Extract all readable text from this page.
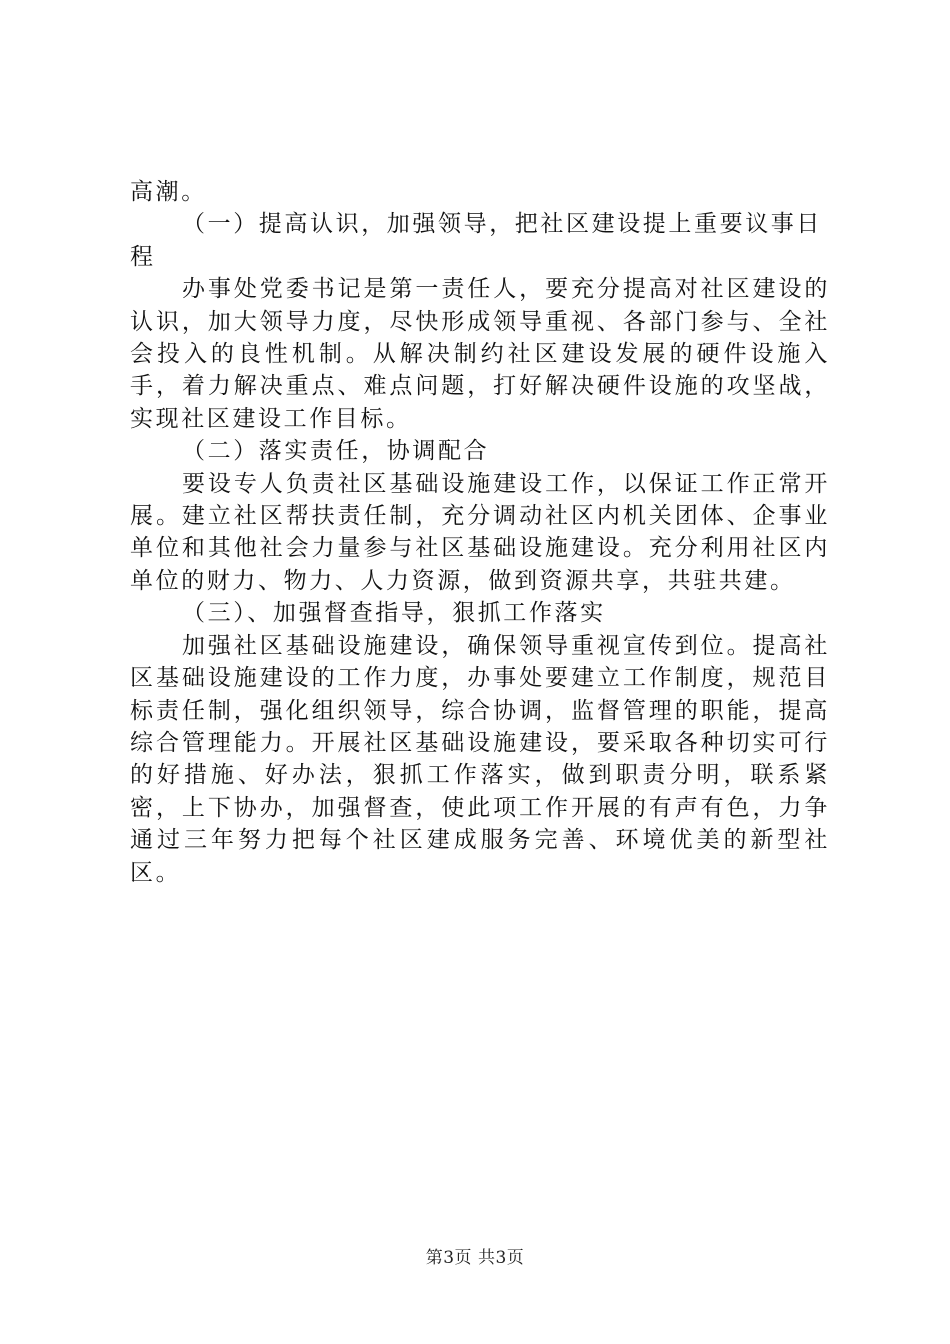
高潮。

（一）提高认识，加强领导，把社区建设提上重要议事日程

办事处党委书记是第一责任人，要充分提高对社区建设的认识，加大领导力度，尽快形成领导重视、各部门参与、全社会投入的良性机制。从解决制约社区建设发展的硬件设施入手，着力解决重点、难点问题，打好解决硬件设施的攻坚战，实现社区建设工作目标。

（二）落实责任，协调配合

要设专人负责社区基础设施建设工作，以保证工作正常开展。建立社区帮扶责任制，充分调动社区内机关团体、企事业单位和其他社会力量参与社区基础设施建设。充分利用社区内单位的财力、物力、人力资源，做到资源共享，共驻共建。

（三）、加强督查指导，狠抓工作落实

加强社区基础设施建设，确保领导重视宣传到位。提高社区基础设施建设的工作力度，办事处要建立工作制度，规范目标责任制，强化组织领导，综合协调，监督管理的职能，提高综合管理能力。开展社区基础设施建设，要采取各种切实可行的好措施、好办法，狠抓工作落实，做到职责分明，联系紧密，上下协办，加强督查，使此项工作开展的有声有色，力争通过三年努力把每个社区建成服务完善、环境优美的新型社区。

第3页 共3页
